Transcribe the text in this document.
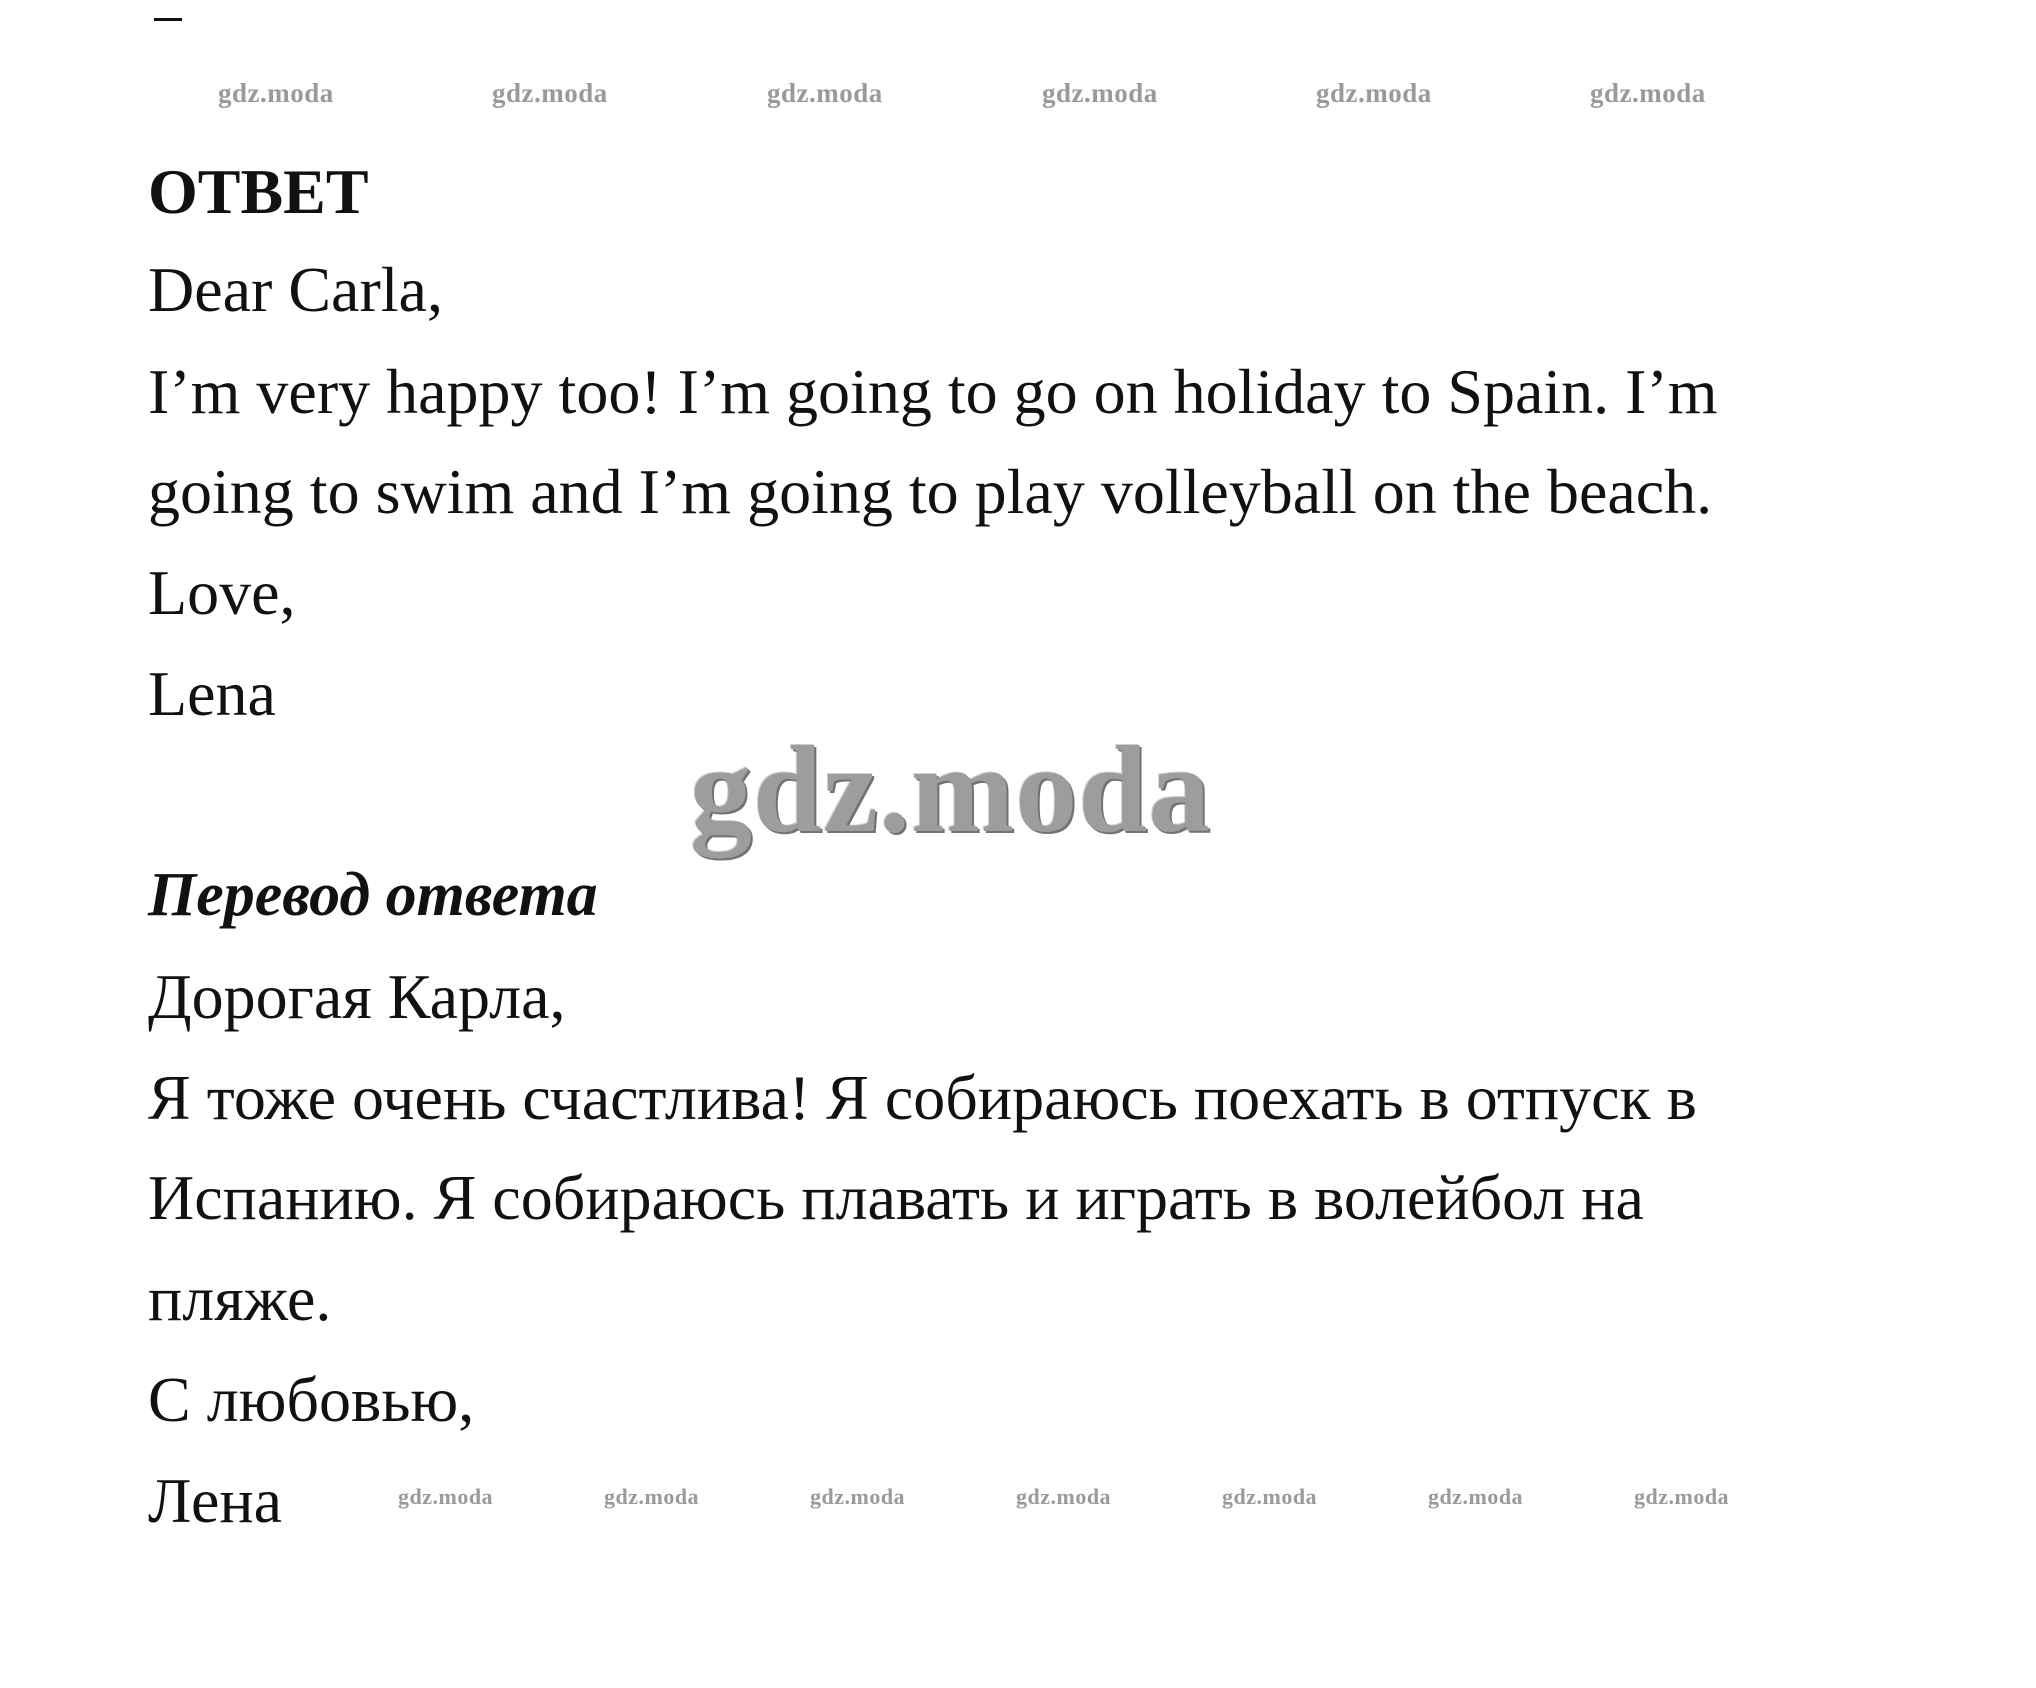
gdz.moda	gdz.moda	gdz.moda	gdz.moda	gdz.moda	gdz.moda

ОТВЕТ

Dear Carla,

I’m very happy too! I’m going to go on holiday to Spain. I’m

going to swim and I’m going to play volleyball on the beach.

Love,

Lena

gdz.moda

Перевод ответа

Дорогая Карла,

Я тоже очень счастлива! Я собираюсь поехать в отпуск в

Испанию. Я собираюсь плавать и играть в волейбол на

пляже.

С любовью,

Лена	gdz.moda	gdz.moda	gdz.moda	gdz.moda	gdz.moda	gdz.moda	gdz.moda
